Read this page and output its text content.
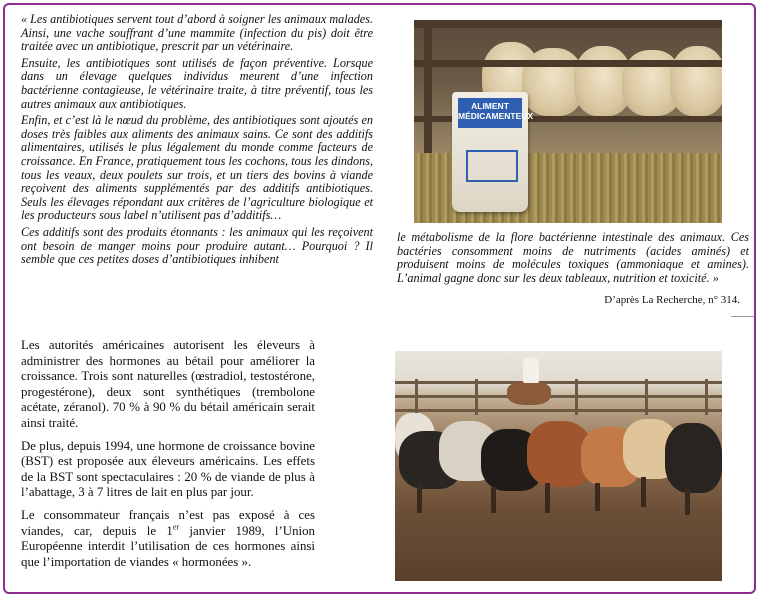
« Les antibiotiques servent tout d’abord à soigner les animaux malades. Ainsi, une vache souffrant d’une mammite (infection du pis) doit être traitée avec un antibiotique, prescrit par un vétérinaire.

Ensuite, les antibiotiques sont utilisés de façon préventive. Lorsque dans un élevage quelques individus meurent d’une infection bactérienne contagieuse, le vétérinaire traite, à titre préventif, tous les autres animaux aux antibiotiques.

Enfin, et c’est là le nœud du problème, des antibiotiques sont ajoutés en doses très faibles aux aliments des animaux sains. Ce sont des additifs alimentaires, utilisés le plus légalement du monde comme facteurs de croissance. En France, pratiquement tous les cochons, tous les dindons, tous les veaux, deux poulets sur trois, et un tiers des bovins à viande reçoivent des aliments supplémentés par des additifs antibiotiques. Seuls les élevages répondant aux critères de l’agriculture biologique et les producteurs sous label n’utilisent pas d’additifs…

Ces additifs sont des produits étonnants : les animaux qui les reçoivent ont besoin de manger moins pour produire autant… Pourquoi ? Il semble que ces petites doses d’antibiotiques inhibent

ALIMENT MÉDICAMENTEUX

le métabolisme de la flore bactérienne intestinale des animaux. Ces bactéries consomment moins de nutriments (acides aminés) et produisent moins de molécules toxiques (ammoniaque et amines). L’animal gagne donc sur les deux tableaux, nutrition et toxicité. »

D’après La Recherche, n° 314.

Les autorités américaines autorisent les éleveurs à administrer des hormones au bétail pour améliorer la croissance. Trois sont naturelles (œstradiol, testostérone, progestérone), deux sont synthétiques (trembolone acétate, zéranol). 70 % à 90 % du bétail américain serait ainsi traité.

De plus, depuis 1994, une hormone de croissance bovine (BST) est proposée aux éleveurs américains. Les effets de la BST sont spectaculaires : 20 % de viande de plus à l’abattage, 3 à 7 litres de lait en plus par jour.

Le consommateur français n’est pas exposé à ces viandes, car, depuis le 1er janvier 1989, l’Union Européenne interdit l’utilisation de ces hormones ainsi que l’importation de viandes « hormonées ».
